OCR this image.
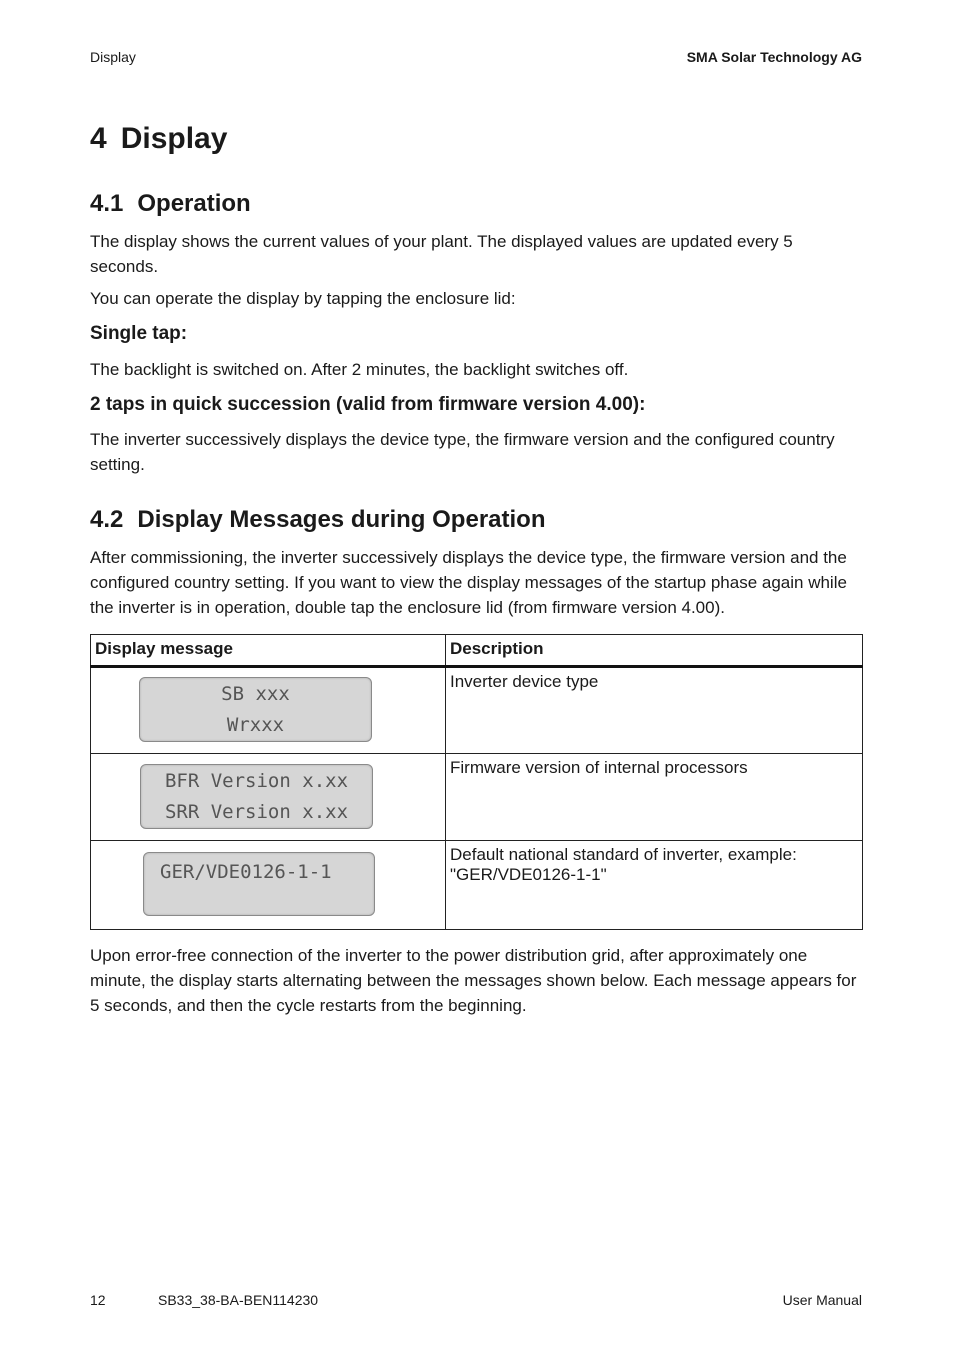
Display	SMA Solar Technology AG
4 Display
4.1 Operation

The display shows the current values of your plant. The displayed values are updated every 5 seconds.

You can operate the display by tapping the enclosure lid:

Single tap:

The backlight is switched on. After 2 minutes, the backlight switches off.

2 taps in quick succession (valid from firmware version 4.00):

The inverter successively displays the device type, the firmware version and the configured country setting.

4.2 Display Messages during Operation

After commissioning, the inverter successively displays the device type, the firmware version and the configured country setting. If you want to view the display messages of the startup phase again while the inverter is in operation, double tap the enclosure lid (from firmware version 4.00).

Display message	Description

SB xxx
Wrxxx	Inverter device type

BFR Version x.xx
SRR Version x.xx	Firmware version of internal processors

GER/VDE0126-1-1	Default national standard of inverter, example: "GER/VDE0126-1-1"

Upon error-free connection of the inverter to the power distribution grid, after approximately one minute, the display starts alternating between the messages shown below. Each message appears for 5 seconds, and then the cycle restarts from the beginning.

12	SB33_38-BA-BEN114230	User Manual
